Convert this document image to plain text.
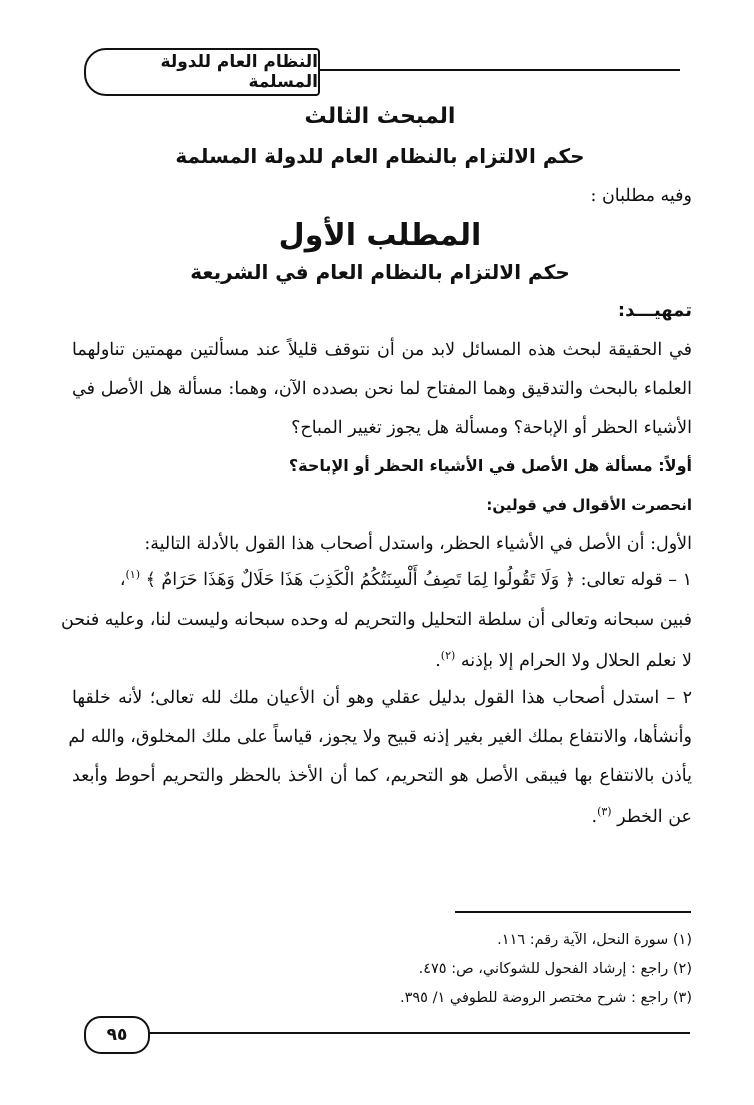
النظام العام للدولة المسلمة
المبحث الثالث
حكم الالتزام بالنظام العام للدولة المسلمة
وفيه مطلبان :
المطلب الأول
حكم الالتزام بالنظام العام في الشريعة
تمهيـــد:
في الحقيقة لبحث هذه المسائل لابد من أن نتوقف قليلاً عند مسألتين مهمتين تناولهما
العلماء بالبحث والتدقيق وهما المفتاح لما نحن بصدده الآن، وهما: مسألة هل الأصل في
الأشياء الحظر أو الإباحة؟ ومسألة هل يجوز تغيير المباح؟
أولاً: مسألة هل الأصل في الأشياء الحظر أو الإباحة؟
انحصرت الأقوال في قولين:
الأول: أن الأصل في الأشياء الحظر، واستدل أصحاب هذا القول بالأدلة التالية:
١ – قوله تعالى: ﴿ وَلَا تَقُولُوا لِمَا تَصِفُ أَلْسِنَتُكُمُ الْكَذِبَ هَذَا حَلَالٌ وَهَذَا حَرَامٌ ﴾ $^{(١)}$،
فبين سبحانه وتعالى أن سلطة التحليل والتحريم له وحده سبحانه وليست لنا، وعليه فنحن
لا نعلم الحلال ولا الحرام إلا بإذنه $^{(٢)}$.
٢ – استدل أصحاب هذا القول بدليل عقلي وهو أن الأعيان ملك لله تعالى؛ لأنه خلقها
وأنشأها، والانتفاع بملك الغير بغير إذنه قبيح ولا يجوز، قياساً على ملك المخلوق، والله لم
يأذن بالانتفاع بها فيبقى الأصل هو التحريم، كما أن الأخذ بالحظر والتحريم أحوط وأبعد
عن الخطر $^{(٣)}$.
(١) سورة النحل، الآية رقم: ١١٦.
(٢) راجع : إرشاد الفحول للشوكاني، ص: ٤٧٥.
(٣) راجع : شرح مختصر الروضة للطوفي ١/ ٣٩٥.
٩٥
